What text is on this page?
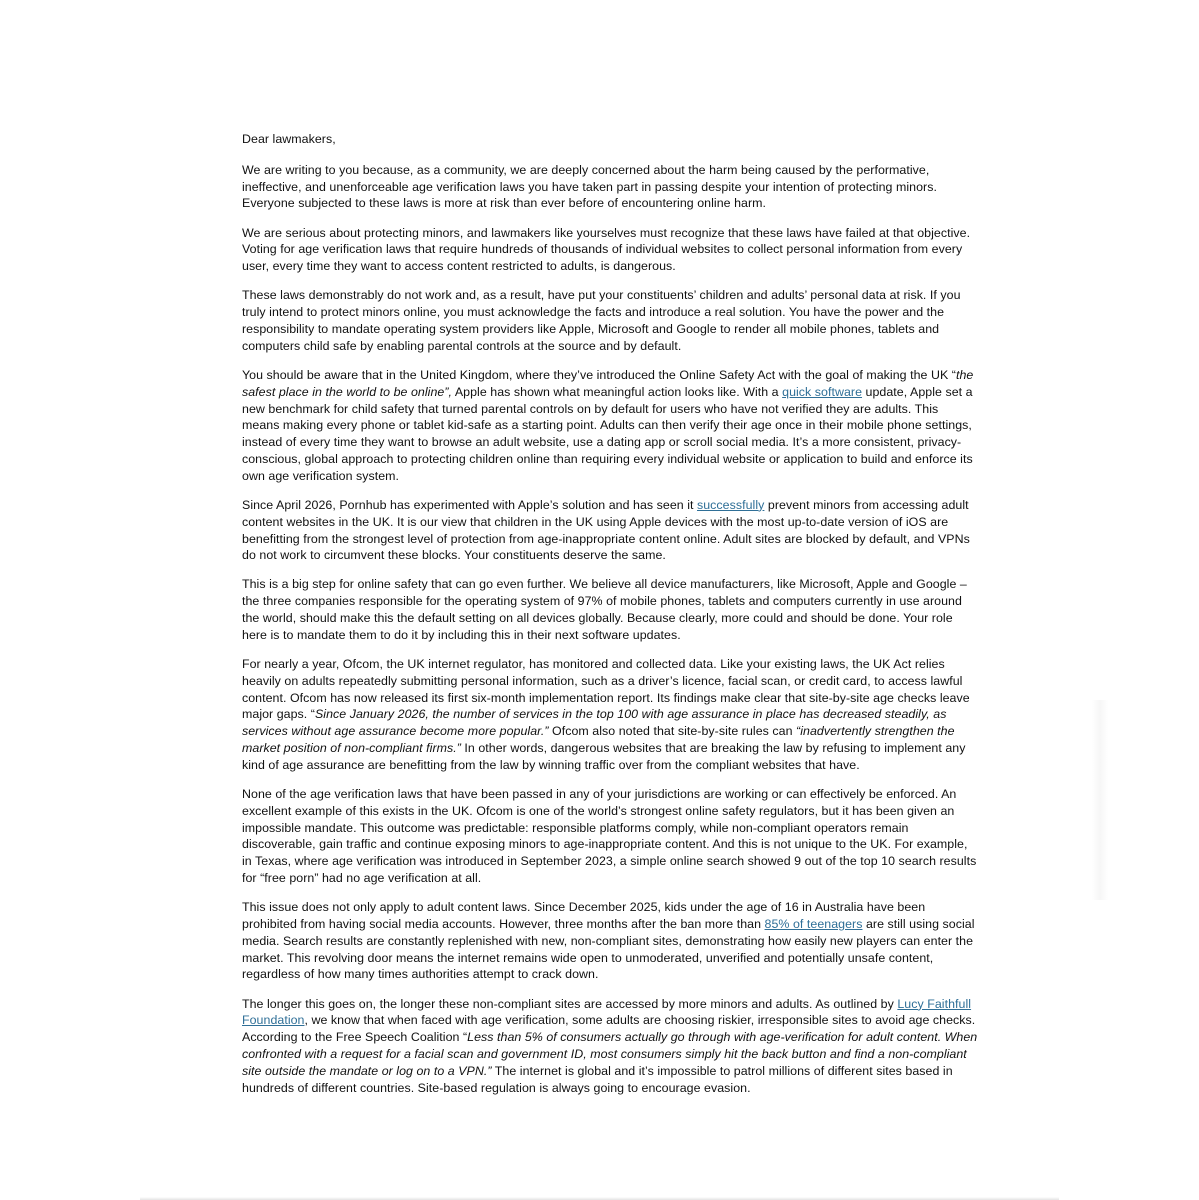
Dear lawmakers,

We are writing to you because, as a community, we are deeply concerned about the harm being caused by the performative, ineffective, and unenforceable age verification laws you have taken part in passing despite your intention of protecting minors. Everyone subjected to these laws is more at risk than ever before of encountering online harm.

We are serious about protecting minors, and lawmakers like yourselves must recognize that these laws have failed at that objective. Voting for age verification laws that require hundreds of thousands of individual websites to collect personal information from every user, every time they want to access content restricted to adults, is dangerous.

These laws demonstrably do not work and, as a result, have put your constituents’ children and adults’ personal data at risk. If you truly intend to protect minors online, you must acknowledge the facts and introduce a real solution. You have the power and the responsibility to mandate operating system providers like Apple, Microsoft and Google to render all mobile phones, tablets and computers child safe by enabling parental controls at the source and by default.

You should be aware that in the United Kingdom, where they’ve introduced the Online Safety Act with the goal of making the UK “the safest place in the world to be online”, Apple has shown what meaningful action looks like. With a quick software update, Apple set a new benchmark for child safety that turned parental controls on by default for users who have not verified they are adults. This means making every phone or tablet kid-safe as a starting point. Adults can then verify their age once in their mobile phone settings, instead of every time they want to browse an adult website, use a dating app or scroll social media. It’s a more consistent, privacy-conscious, global approach to protecting children online than requiring every individual website or application to build and enforce its own age verification system.

Since April 2026, Pornhub has experimented with Apple’s solution and has seen it successfully prevent minors from accessing adult content websites in the UK. It is our view that children in the UK using Apple devices with the most up-to-date version of iOS are benefitting from the strongest level of protection from age-inappropriate content online. Adult sites are blocked by default, and VPNs do not work to circumvent these blocks. Your constituents deserve the same.

This is a big step for online safety that can go even further. We believe all device manufacturers, like Microsoft, Apple and Google – the three companies responsible for the operating system of 97% of mobile phones, tablets and computers currently in use around the world, should make this the default setting on all devices globally. Because clearly, more could and should be done. Your role here is to mandate them to do it by including this in their next software updates.

For nearly a year, Ofcom, the UK internet regulator, has monitored and collected data. Like your existing laws, the UK Act relies heavily on adults repeatedly submitting personal information, such as a driver’s licence, facial scan, or credit card, to access lawful content. Ofcom has now released its first six-month implementation report. Its findings make clear that site-by-site age checks leave major gaps. “Since January 2026, the number of services in the top 100 with age assurance in place has decreased steadily, as services without age assurance become more popular.” Ofcom also noted that site-by-site rules can “inadvertently strengthen the market position of non-compliant firms.” In other words, dangerous websites that are breaking the law by refusing to implement any kind of age assurance are benefitting from the law by winning traffic over from the compliant websites that have.

None of the age verification laws that have been passed in any of your jurisdictions are working or can effectively be enforced. An excellent example of this exists in the UK. Ofcom is one of the world’s strongest online safety regulators, but it has been given an impossible mandate. This outcome was predictable: responsible platforms comply, while non-compliant operators remain discoverable, gain traffic and continue exposing minors to age-inappropriate content. And this is not unique to the UK. For example, in Texas, where age verification was introduced in September 2023, a simple online search showed 9 out of the top 10 search results for “free porn” had no age verification at all.

This issue does not only apply to adult content laws. Since December 2025, kids under the age of 16 in Australia have been prohibited from having social media accounts. However, three months after the ban more than 85% of teenagers are still using social media. Search results are constantly replenished with new, non-compliant sites, demonstrating how easily new players can enter the market. This revolving door means the internet remains wide open to unmoderated, unverified and potentially unsafe content, regardless of how many times authorities attempt to crack down.

The longer this goes on, the longer these non-compliant sites are accessed by more minors and adults. As outlined by Lucy Faithfull Foundation, we know that when faced with age verification, some adults are choosing riskier, irresponsible sites to avoid age checks. According to the Free Speech Coalition “Less than 5% of consumers actually go through with age-verification for adult content. When confronted with a request for a facial scan and government ID, most consumers simply hit the back button and find a non-compliant site outside the mandate or log on to a VPN.” The internet is global and it’s impossible to patrol millions of different sites based in hundreds of different countries. Site-based regulation is always going to encourage evasion.
